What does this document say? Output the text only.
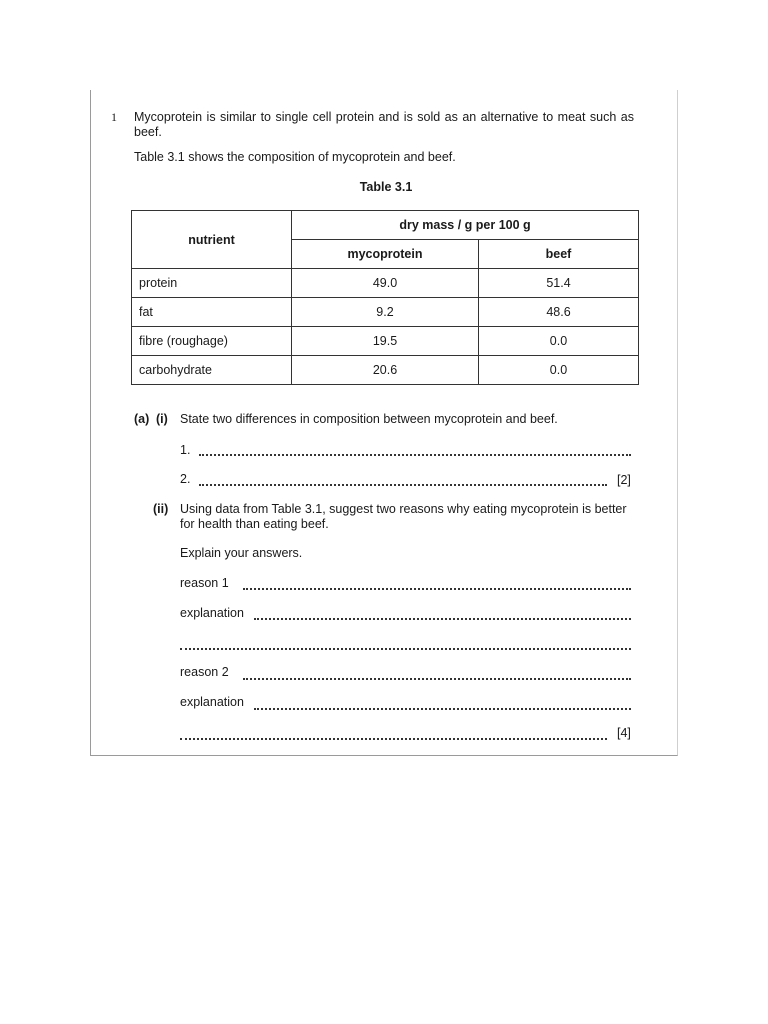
1 Mycoprotein is similar to single cell protein and is sold as an alternative to meat such as beef.
Table 3.1 shows the composition of mycoprotein and beef.
Table 3.1
nutrient	dry mass / g per 100 g	
	mycoprotein	beef
protein	49.0	51.4
fat	9.2	48.6
fibre (roughage)	19.5	0.0
carbohydrate	20.6	0.0
(a) (i) State two differences in composition between mycoprotein and beef.
1.
2.	[2]
(ii) Using data from Table 3.1, suggest two reasons why eating mycoprotein is better for health than eating beef.
Explain your answers.
reason 1
explanation
reason 2
explanation
[4]
